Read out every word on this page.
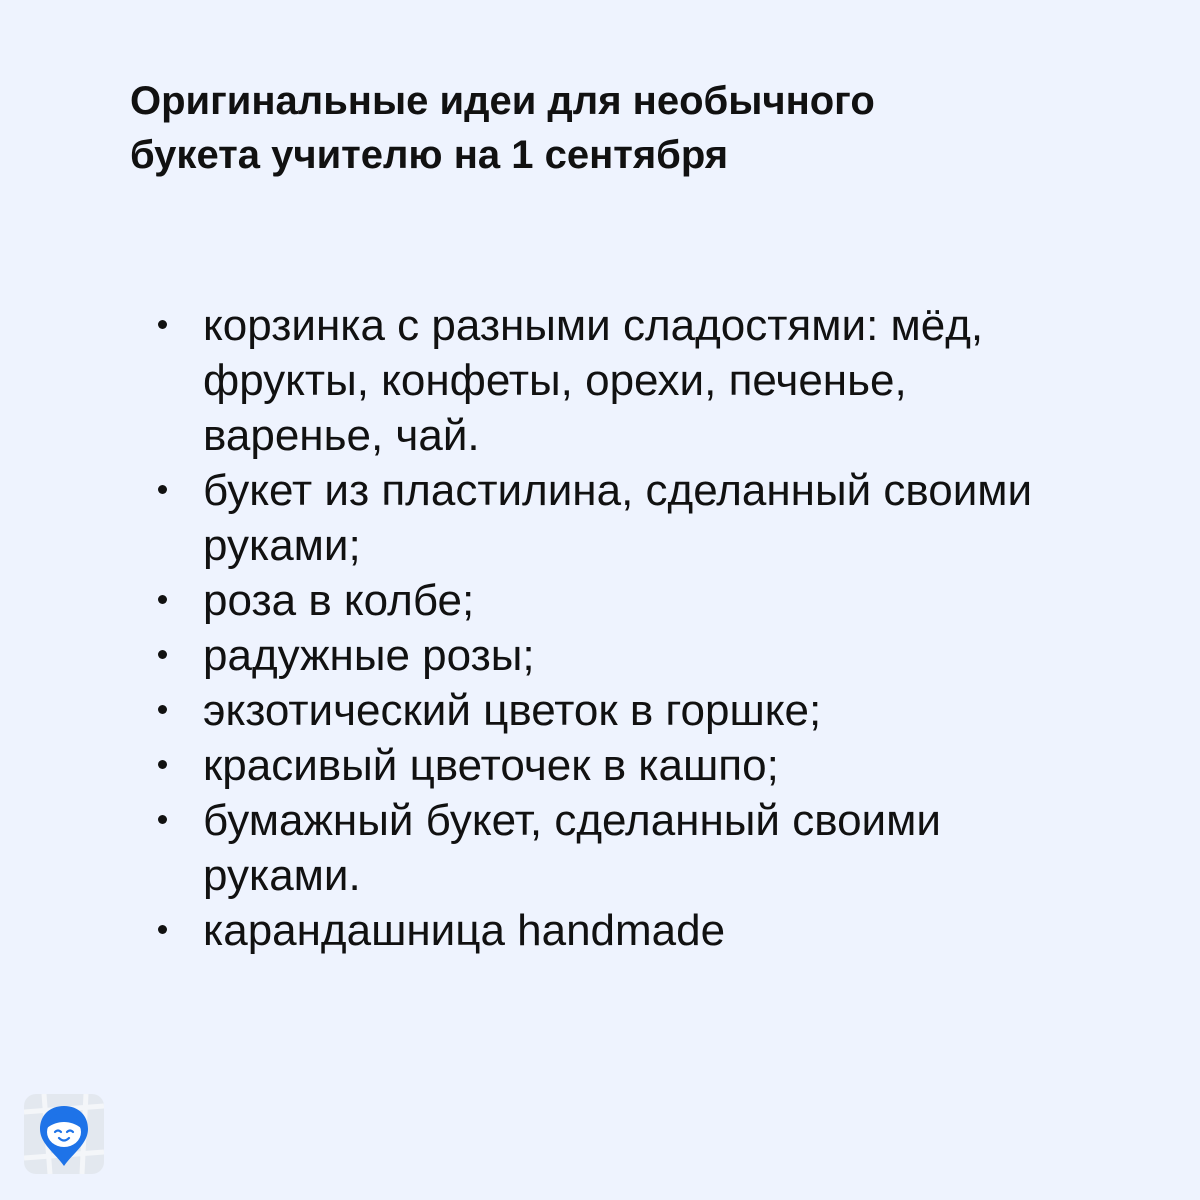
Оригинальные идеи для необычного
букета учителю на 1 сентября
корзинка с разными сладостями: мёд,
фрукты, конфеты, орехи, печенье,
варенье, чай.
букет из пластилина, сделанный своими
руками;
роза в колбе;
радужные розы;
экзотический цветок в горшке;
красивый цветочек в кашпо;
бумажный букет, сделанный своими
руками.
карандашница handmade
